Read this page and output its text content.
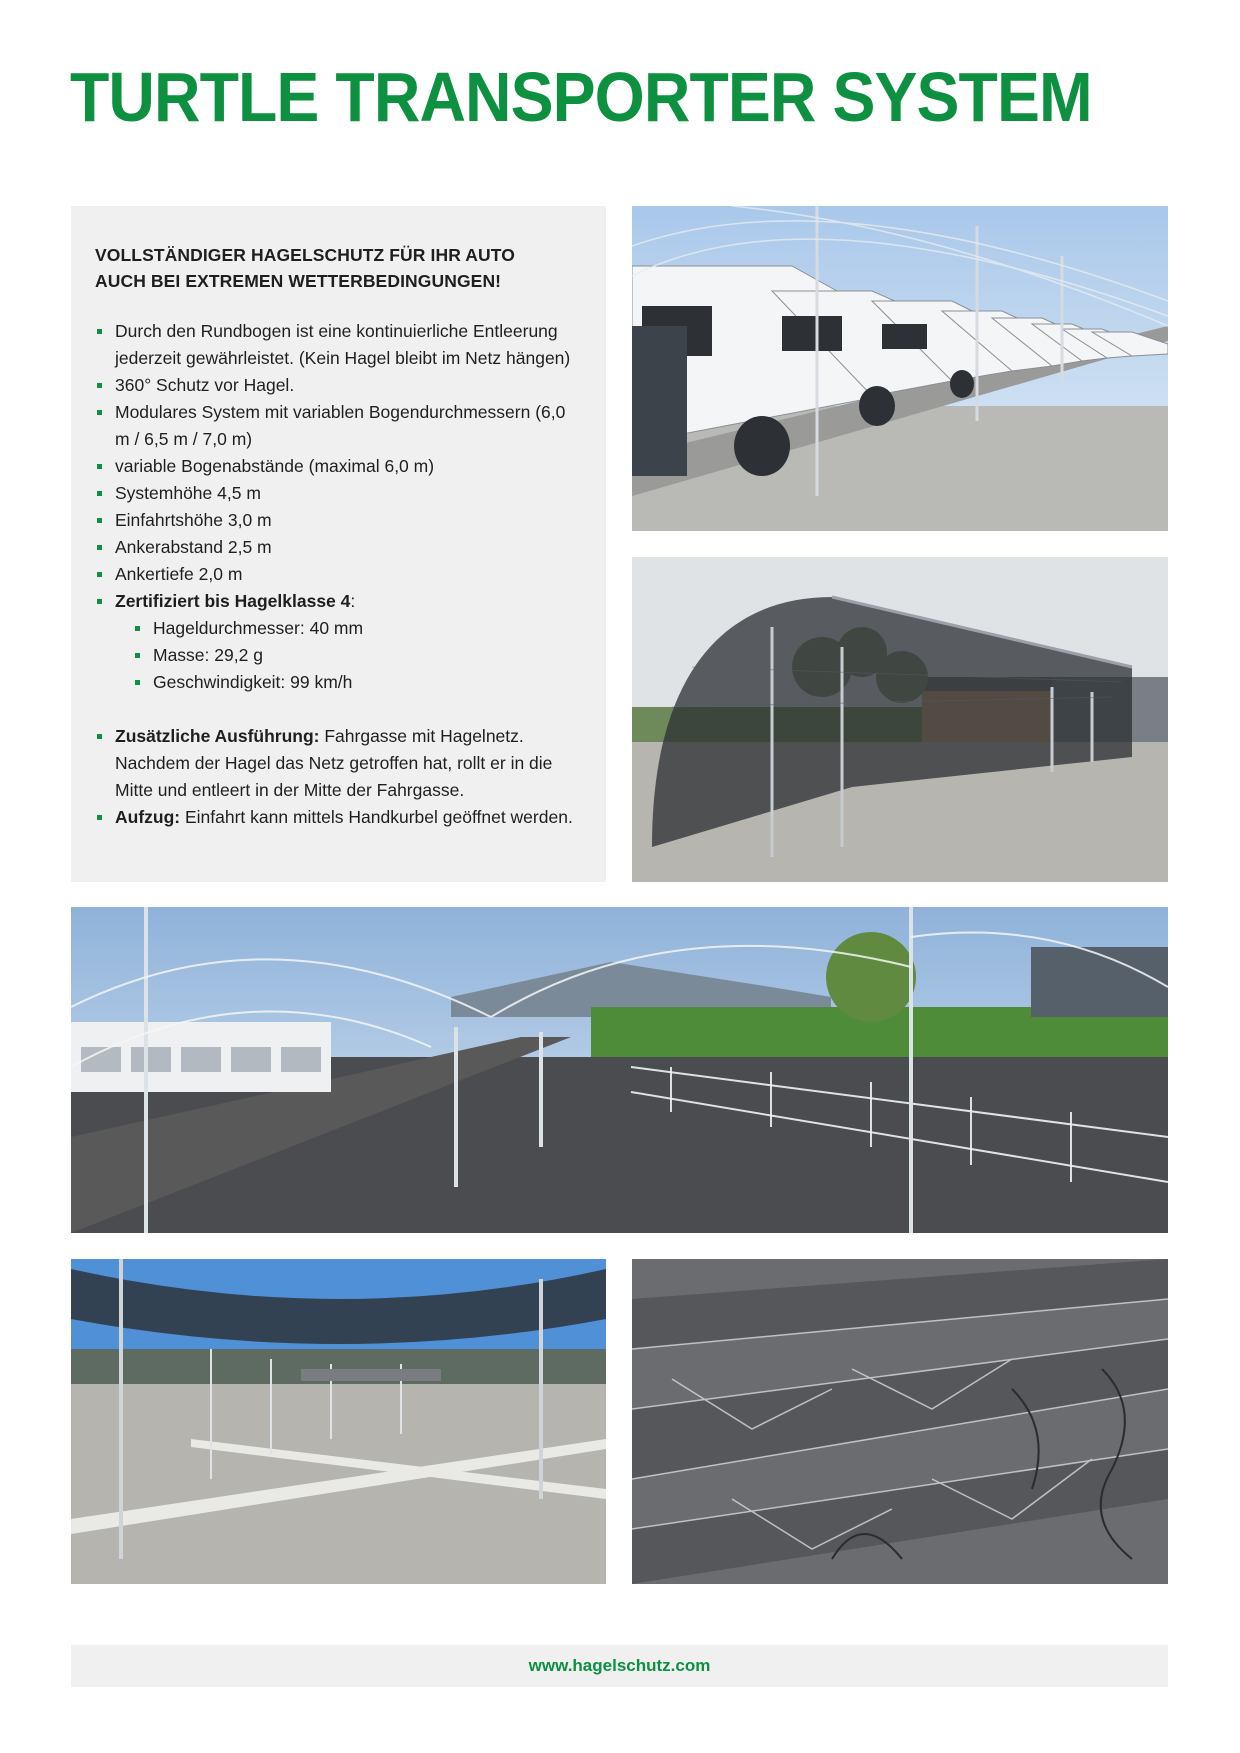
TURTLE TRANSPORTER SYSTEM
VOLLSTÄNDIGER HAGELSCHUTZ FÜR IHR AUTO
AUCH BEI EXTREMEN WETTERBEDINGUNGEN!
Durch den Rundbogen ist eine kontinuierliche Entleerung jederzeit gewährleistet. (Kein Hagel bleibt im Netz hängen)
360° Schutz vor Hagel.
Modulares System mit variablen Bogendurchmessern (6,0 m / 6,5 m / 7,0 m)
variable Bogenabstände (maximal 6,0 m)
Systemhöhe 4,5 m
Einfahrtshöhe 3,0 m
Ankerabstand 2,5 m
Ankertiefe 2,0 m
Zertifiziert bis Hagelklasse 4:
Hageldurchmesser: 40 mm
Masse: 29,2 g
Geschwindigkeit: 99 km/h
Zusätzliche Ausführung: Fahrgasse mit Hagelnetz. Nachdem der Hagel das Netz getroffen hat, rollt er in die Mitte und entleert in der Mitte der Fahrgasse.
Aufzug: Einfahrt kann mittels Handkurbel geöffnet werden.
www.hagelschutz.com
